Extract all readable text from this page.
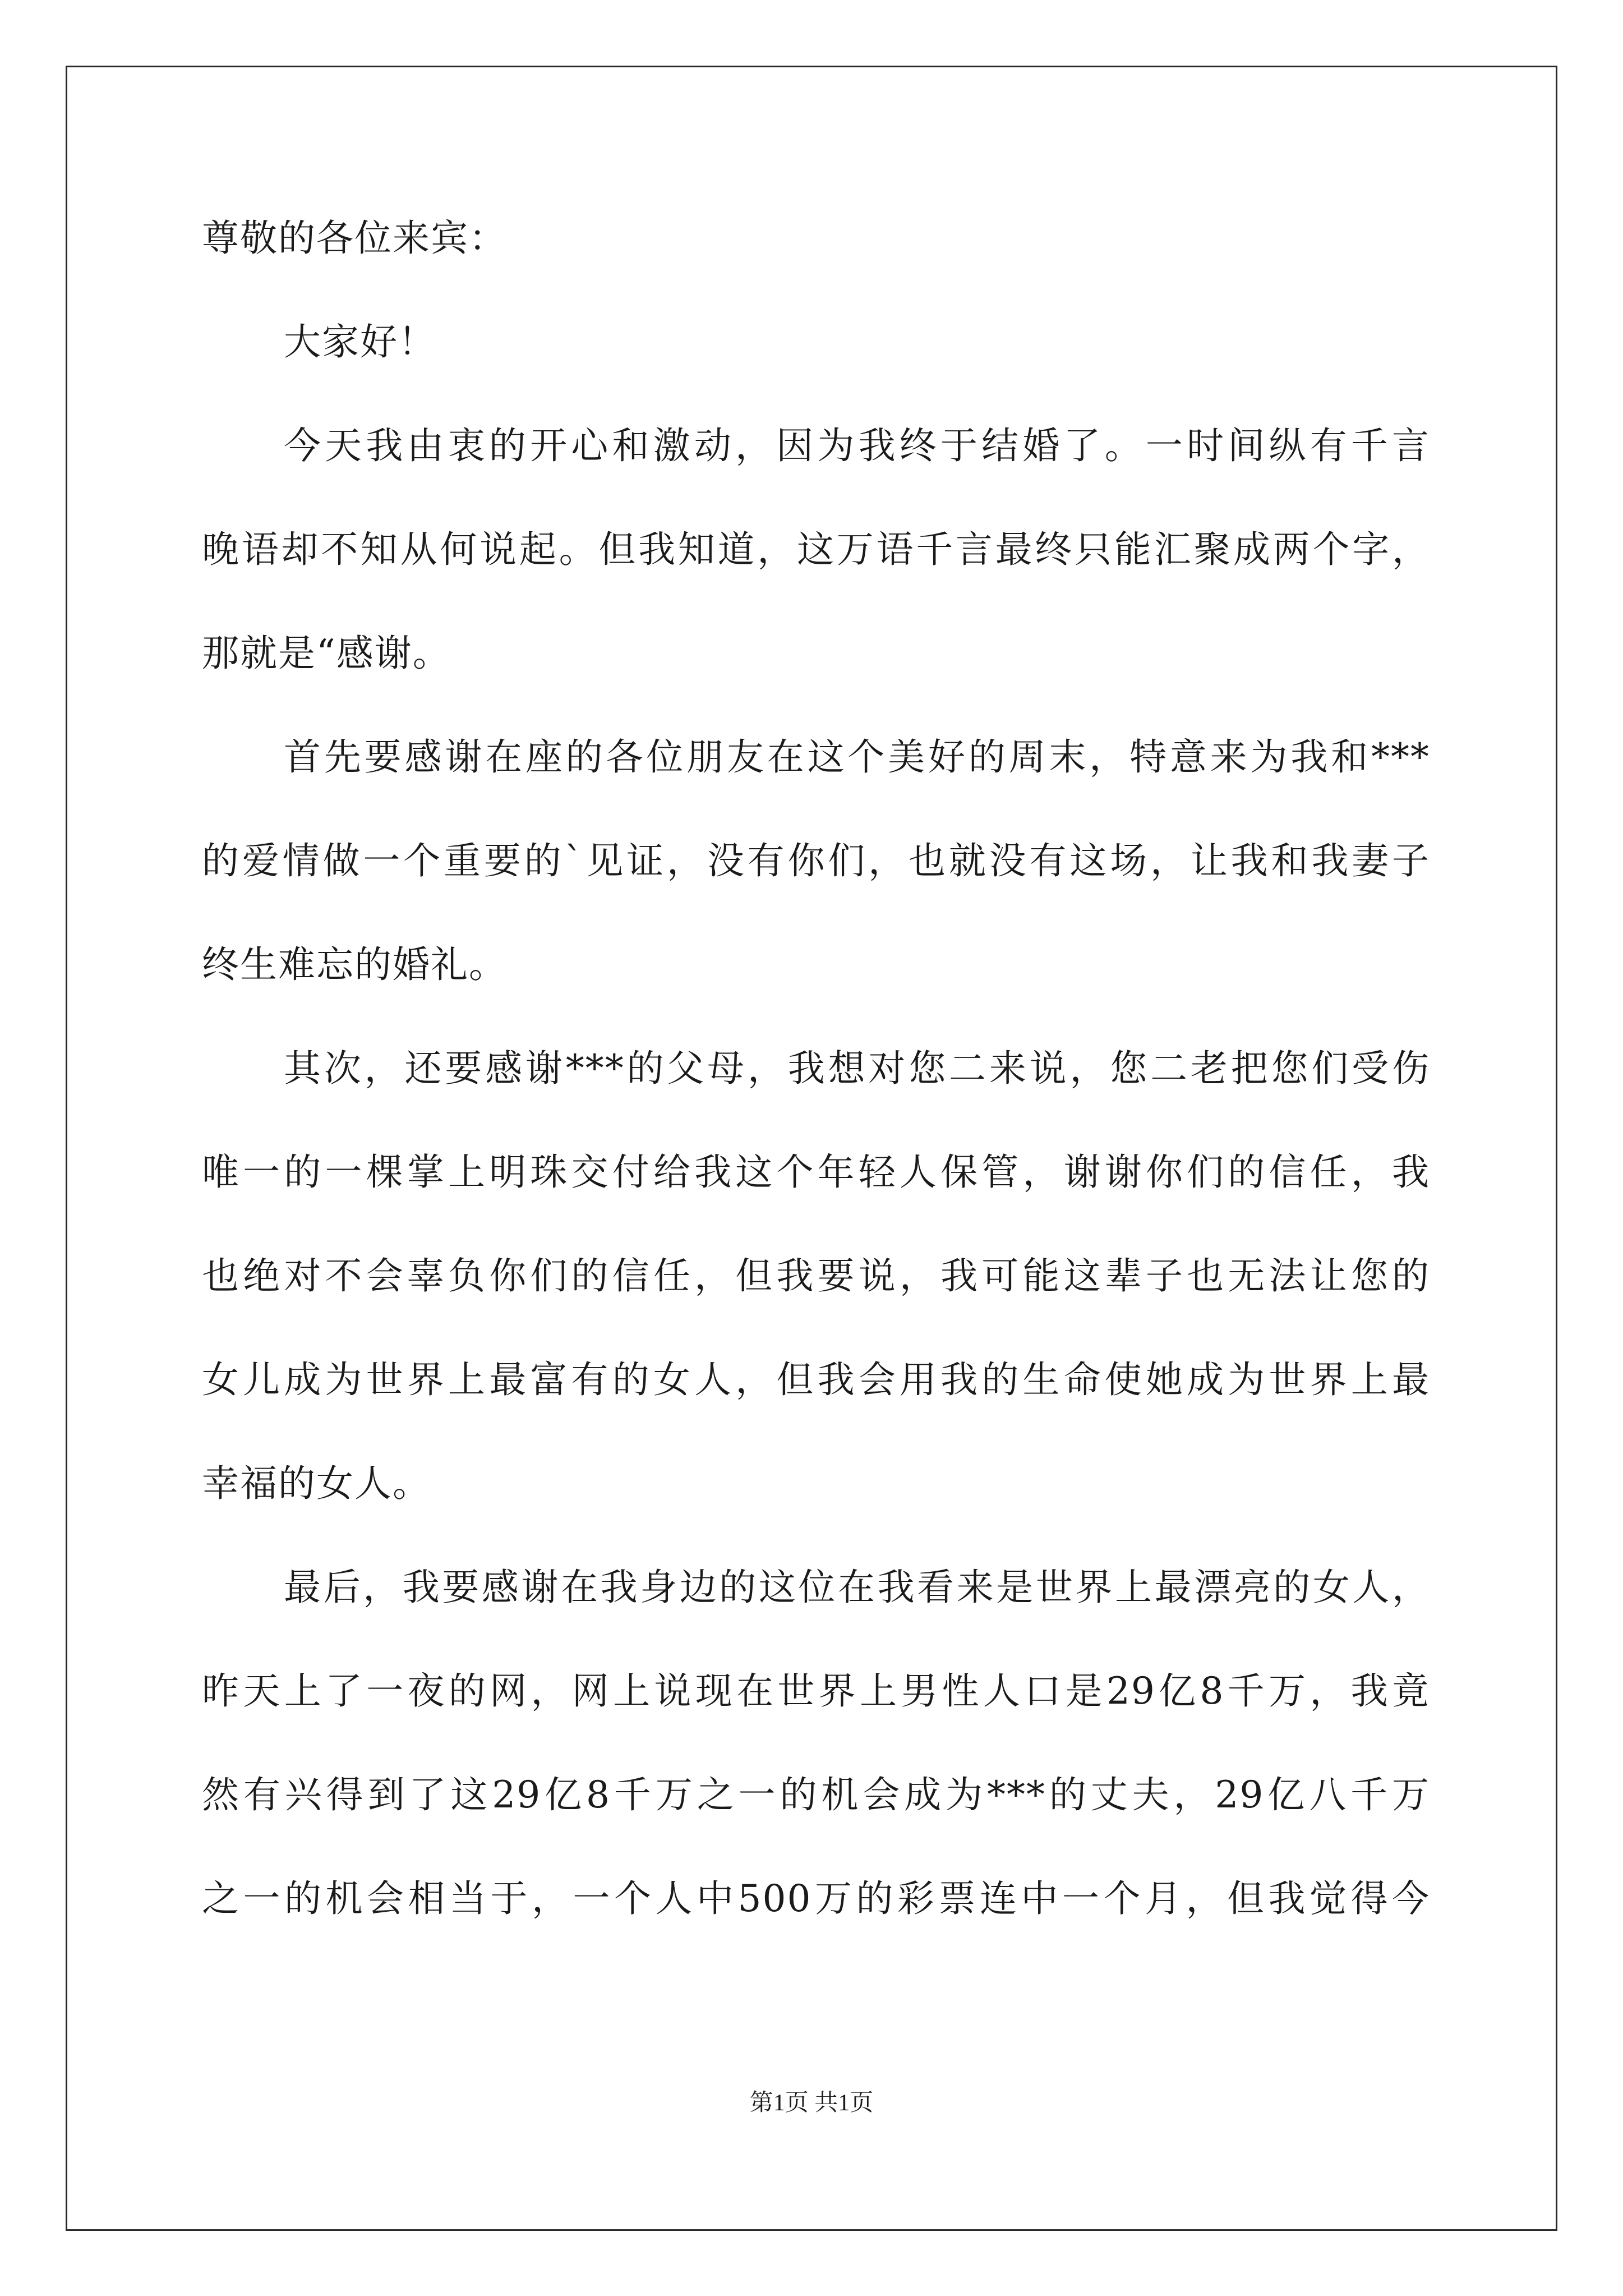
尊敬的各位来宾：
大家好！
今天我由衷的开心和激动，因为我终于结婚了。一时间纵有千言
晚语却不知从何说起。但我知道，这万语千言最终只能汇聚成两个字，
那就是“感谢。
首先要感谢在座的各位朋友在这个美好的周末，特意来为我和***
的爱情做一个重要的`见证，没有你们，也就没有这场，让我和我妻子
终生难忘的婚礼。
其次，还要感谢***的父母，我想对您二来说，您二老把您们受伤
唯一的一棵掌上明珠交付给我这个年轻人保管，谢谢你们的信任，我
也绝对不会辜负你们的信任，但我要说，我可能这辈子也无法让您的
女儿成为世界上最富有的女人，但我会用我的生命使她成为世界上最
幸福的女人。
最后，我要感谢在我身边的这位在我看来是世界上最漂亮的女人，
昨天上了一夜的网，网上说现在世界上男性人口是29亿8千万，我竟
然有兴得到了这29亿8千万之一的机会成为***的丈夫，29亿八千万
之一的机会相当于，一个人中500万的彩票连中一个月，但我觉得今
第1页 共1页
